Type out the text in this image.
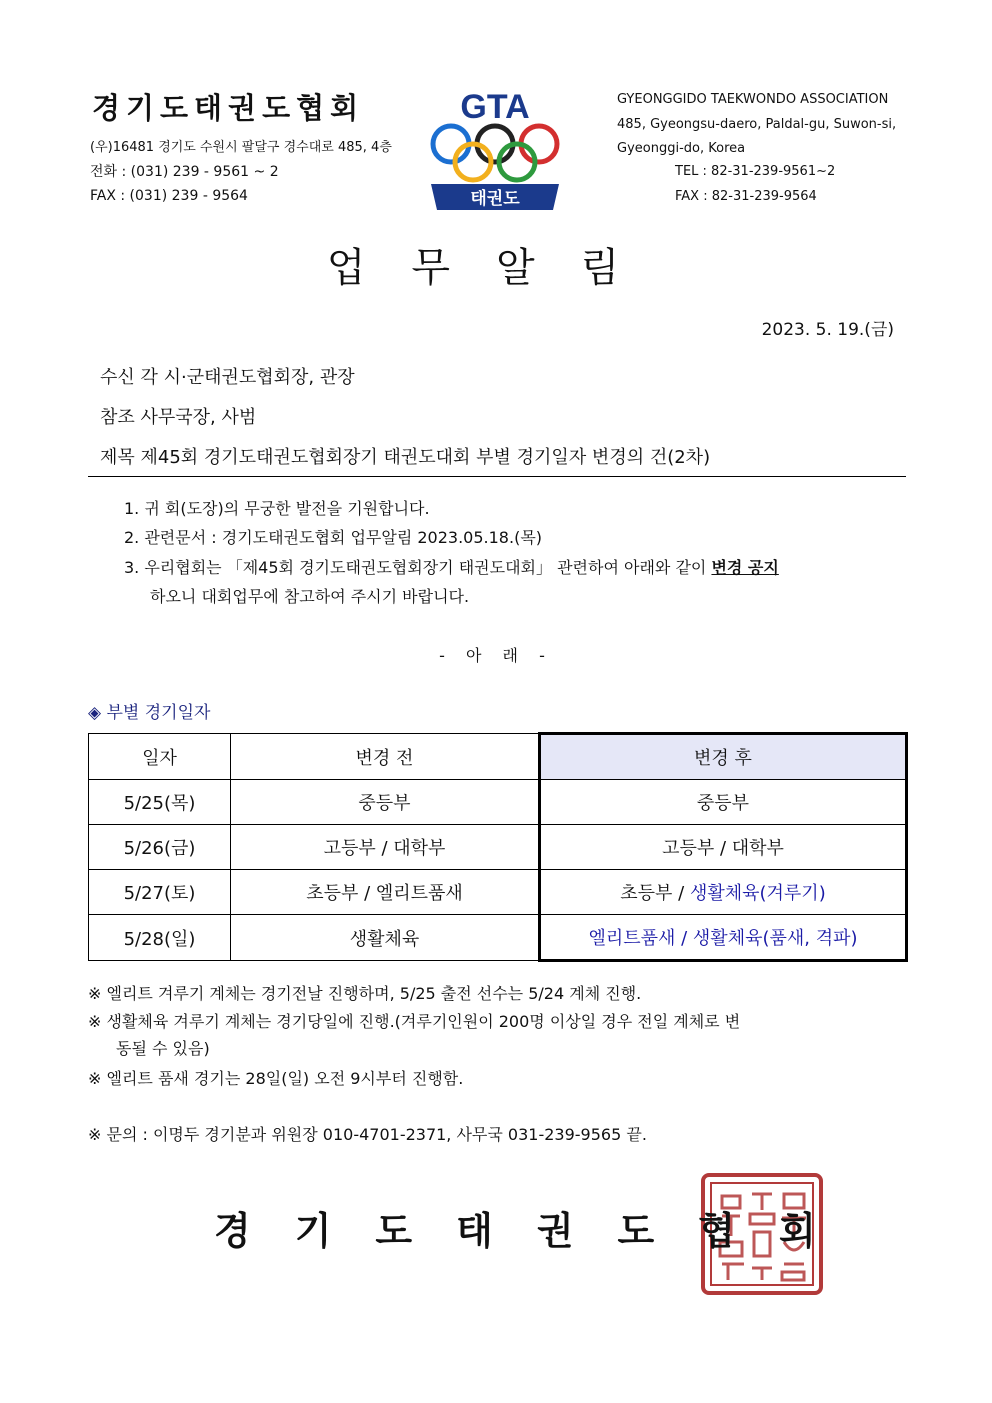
경기도태권도협회
(우)16481 경기도 수원시 팔달구 경수대로 485, 4층
전화 : (031) 239 - 9561 ~ 2
FAX : (031) 239 - 9564
GTA
태권도
GYEONGGIDO TAEKWONDO ASSOCIATION
485, Gyeongsu-daero, Paldal-gu, Suwon-si,
Gyeonggi-do, Korea
TEL : 82-31-239-9561~2
FAX : 82-31-239-9564
업무알림
2023. 5. 19.(금)
수신 각 시·군태권도협회장, 관장
참조 사무국장, 사범
제목 제45회 경기도태권도협회장기 태권도대회 부별 경기일자 변경의 건(2차)
1. 귀 회(도장)의 무궁한 발전을 기원합니다.
2. 관련문서 : 경기도태권도협회 업무알림 2023.05.18.(목)
3. 우리협회는 「제45회 경기도태권도협회장기 태권도대회」 관련하여 아래와 같이 변경 공지
하오니 대회업무에 참고하여 주시기 바랍니다.
- 아 래 -
◈ 부별 경기일자
일자	변경 전	변경 후
5/25(목)	중등부	중등부
5/26(금)	고등부 / 대학부	고등부 / 대학부
5/27(토)	초등부 / 엘리트품새	초등부 / 생활체육(겨루기)
5/28(일)	생활체육	엘리트품새 / 생활체육(품새, 격파)
※ 엘리트 겨루기 계체는 경기전날 진행하며, 5/25 출전 선수는 5/24 계체 진행.
※ 생활체육 겨루기 계체는 경기당일에 진행.(겨루기인원이 200명 이상일 경우 전일 계체로 변
동될 수 있음)
※ 엘리트 품새 경기는 28일(일) 오전 9시부터 진행함.
※ 문의 : 이명두 경기분과 위원장 010-4701-2371, 사무국 031-239-9565 끝.
경기도태권도협회
